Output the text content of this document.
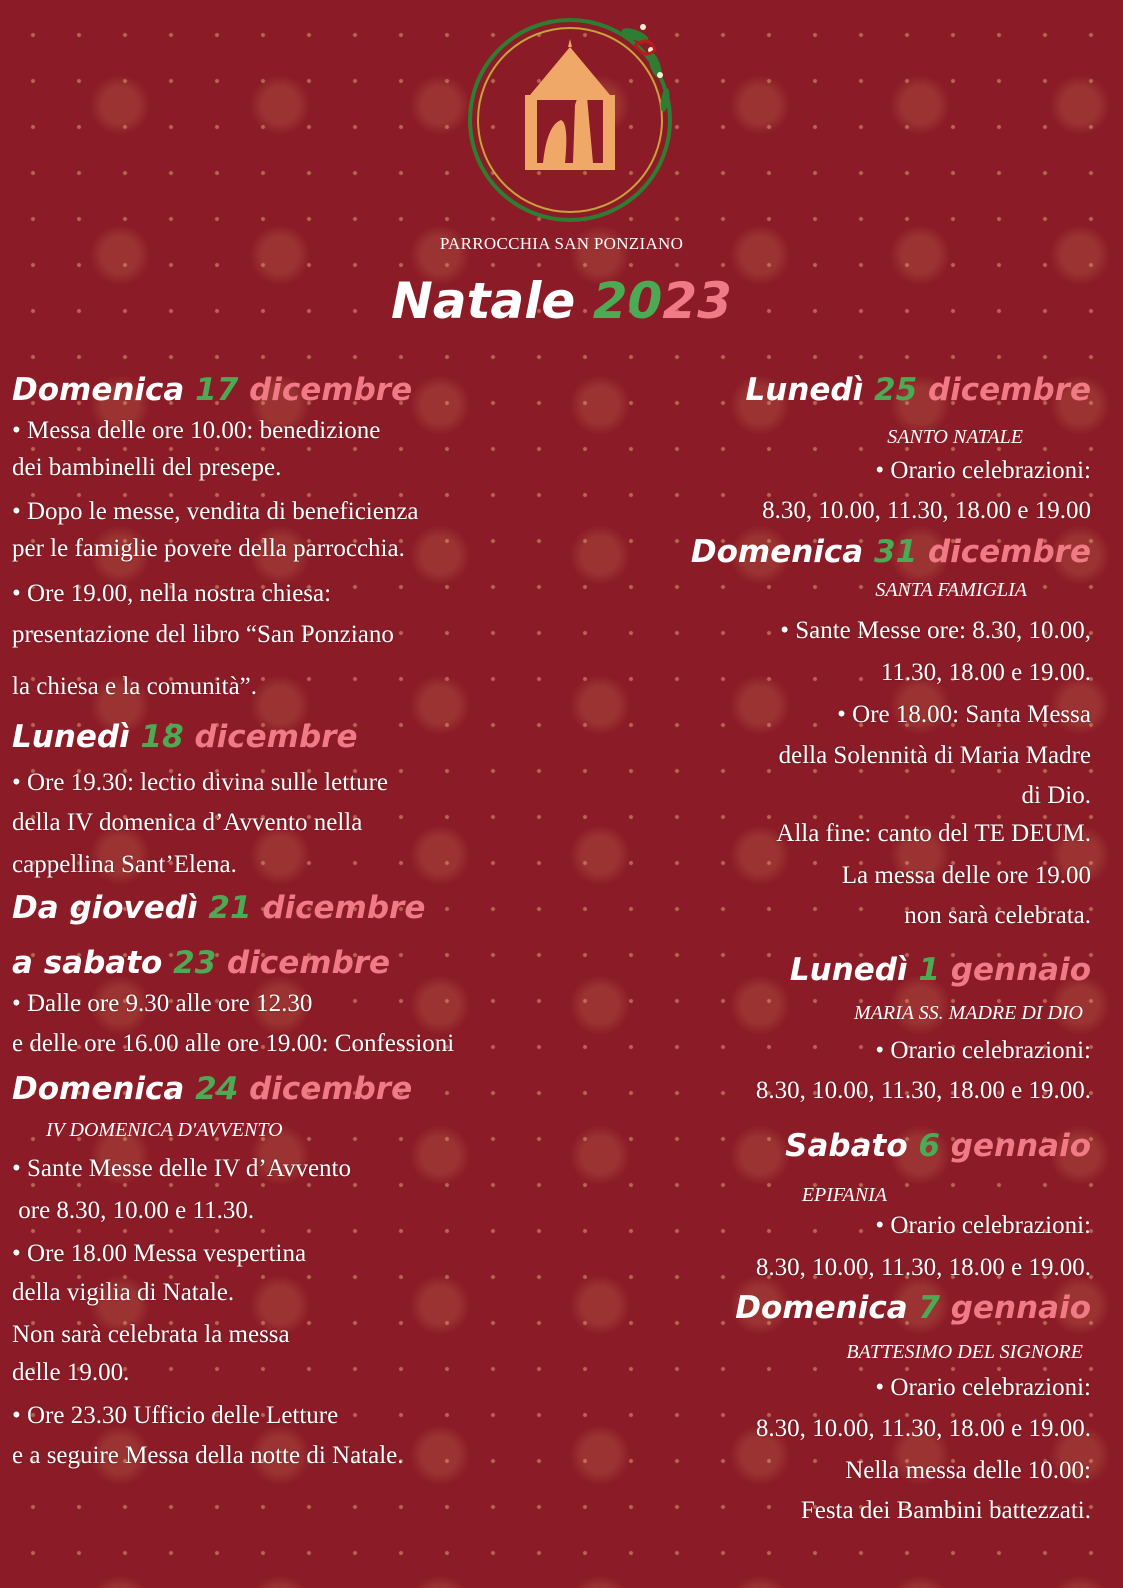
PARROCCHIA SAN PONZIANO
Natale 2023
Domenica 17 dicembre
• Messa delle ore 10.00: benedizione
dei bambinelli del presepe.
• Dopo le messe, vendita di beneficienza
per le famiglie povere della parrocchia.
• Ore 19.00, nella nostra chiesa:
presentazione del libro “San Ponziano
la chiesa e la comunità”.
Lunedì 18 dicembre
• Ore 19.30: lectio divina sulle letture
della IV domenica d’Avvento nella
cappellina Sant’Elena.
Da giovedì 21 dicembre
a sabato 23 dicembre
• Dalle ore 9.30 alle ore 12.30
e delle ore 16.00 alle ore 19.00: Confessioni
Domenica 24 dicembre
IV DOMENICA D'AVVENTO
• Sante Messe delle IV d’Avvento
ore 8.30, 10.00 e 11.30.
• Ore 18.00 Messa vespertina
della vigilia di Natale.
Non sarà celebrata la messa
delle 19.00.
• Ore 23.30 Ufficio delle Letture
e a seguire Messa della notte di Natale.
Lunedì 25 dicembre
SANTO NATALE
• Orario celebrazioni:
8.30, 10.00, 11.30, 18.00 e 19.00
Domenica 31 dicembre
SANTA FAMIGLIA
• Sante Messe ore: 8.30, 10.00,
11.30, 18.00 e 19.00.
• Ore 18.00: Santa Messa
della Solennità di Maria Madre
di Dio.
Alla fine: canto del TE DEUM.
La messa delle ore 19.00
non sarà celebrata.
Lunedì 1 gennaio
MARIA SS. MADRE DI DIO
• Orario celebrazioni:
8.30, 10.00, 11.30, 18.00 e 19.00.
Sabato 6 gennaio
EPIFANIA
• Orario celebrazioni:
8.30, 10.00, 11.30, 18.00 e 19.00.
Domenica 7 gennaio
BATTESIMO DEL SIGNORE
• Orario celebrazioni:
8.30, 10.00, 11.30, 18.00 e 19.00.
Nella messa delle 10.00:
Festa dei Bambini battezzati.
